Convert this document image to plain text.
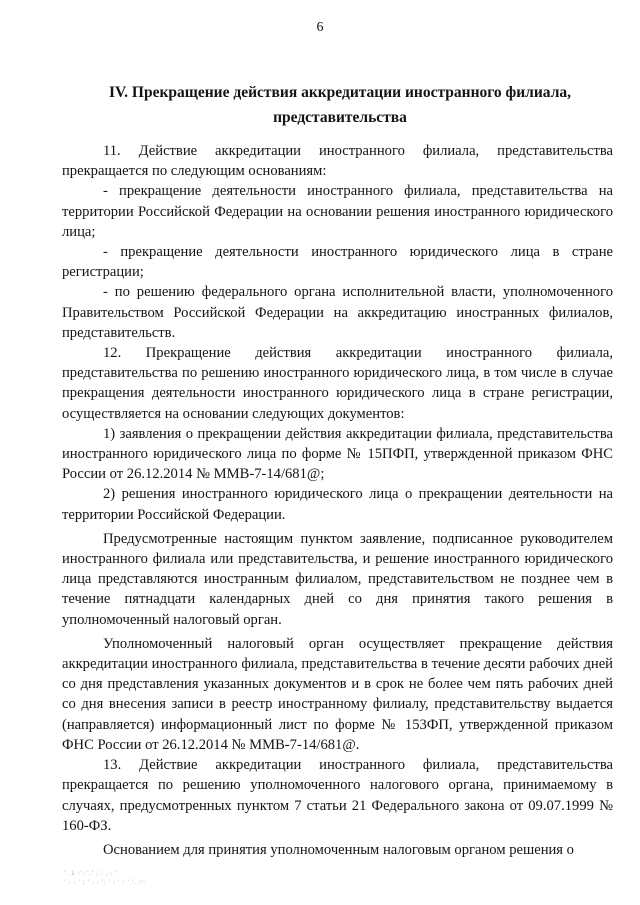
6
IV. Прекращение действия аккредитации иностранного филиала,
представительства

11. Действие аккредитации иностранного филиала, представительства прекращается по следующим основаниям:

- прекращение деятельности иностранного филиала, представительства на территории Российской Федерации на основании решения иностранного юридического лица;

- прекращение деятельности иностранного юридического лица в стране регистрации;

- по решению федерального органа исполнительной власти, уполномоченного Правительством Российской Федерации на аккредитацию иностранных филиалов, представительств.

12. Прекращение действия аккредитации иностранного филиала, представительства по решению иностранного юридического лица, в том числе в случае прекращения деятельности иностранного юридического лица в стране регистрации, осуществляется на основании следующих документов:

1) заявления о прекращении действия аккредитации филиала, представительства иностранного юридического лица по форме № 15ПФП, утвержденной приказом ФНС России от 26.12.2014 № ММВ-7-14/681@;

2) решения иностранного юридического лица о прекращении деятельности на территории Российской Федерации.

Предусмотренные настоящим пунктом заявление, подписанное руководителем иностранного филиала или представительства, и решение иностранного юридического лица представляются иностранным филиалом, представительством не позднее чем в течение пятнадцати календарных дней со дня принятия такого решения в уполномоченный налоговый орган.

Уполномоченный налоговый орган осуществляет прекращение действия аккредитации иностранного филиала, представительства в течение десяти рабочих дней со дня представления указанных документов и в срок не более чем пять рабочих дней со дня внесения записи в реестр иностранному филиалу, представительству выдается (направляется) информационный лист по форме № 153ФП, утвержденной приказом ФНС России от 26.12.2014 № ММВ-7-14/681@.

13. Действие аккредитации иностранного филиала, представительства прекращается по решению уполномоченного налогового органа, принимаемому в случаях, предусмотренных пунктом 7 статьи 21 Федерального закона от 09.07.1999 № 160-ФЗ.

Основанием для принятия уполномоченным налоговым органом решения о

'. 1 :': ',' ; : ,:: '
' : : ' ; ' : : ': ' : ' : ' '. :':
